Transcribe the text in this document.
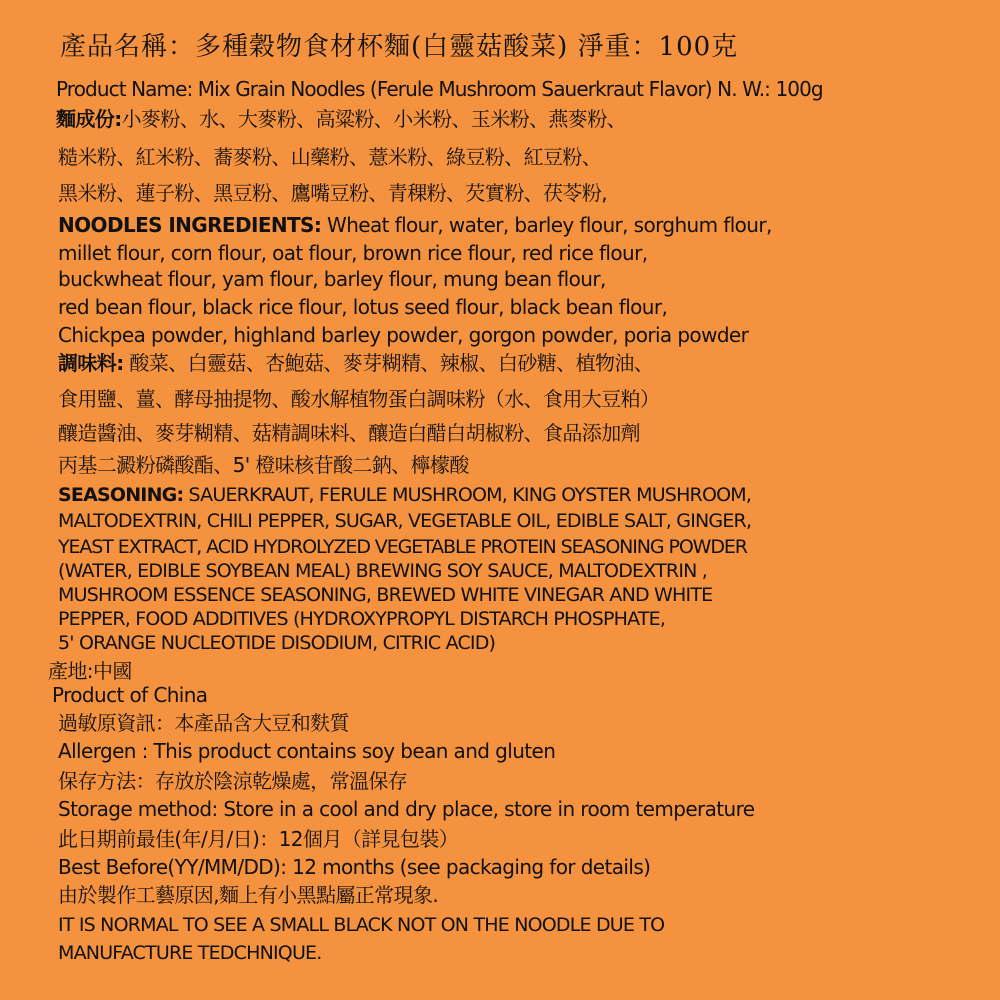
產品名稱：多種穀物食材杯麵(白靈菇酸菜) 淨重：100克
Product Name: Mix Grain Noodles (Ferule Mushroom Sauerkraut Flavor) N. W.: 100g
麵成份:小麥粉、水、大麥粉、高粱粉、小米粉、玉米粉、燕麥粉、
糙米粉、紅米粉、蕎麥粉、山藥粉、薏米粉、綠豆粉、紅豆粉、
黑米粉、蓮子粉、黑豆粉、鷹嘴豆粉、青稞粉、芡實粉、茯苓粉,
NOODLES INGREDIENTS: Wheat flour, water, barley flour, sorghum flour,
millet flour, corn flour, oat flour, brown rice flour, red rice flour,
buckwheat flour, yam flour, barley flour, mung bean flour,
red bean flour, black rice flour, lotus seed flour, black bean flour,
Chickpea powder, highland barley powder, gorgon powder, poria powder
調味料: 酸菜、白靈菇、杏鮑菇、麥芽糊精、辣椒、白砂糖、植物油、
食用鹽、薑、酵母抽提物、酸水解植物蛋白調味粉（水、食用大豆粕）
釀造醬油、麥芽糊精、菇精調味料、釀造白醋白胡椒粉、食品添加劑
丙基二澱粉磷酸酯、5' 橙味核苷酸二鈉、檸檬酸
SEASONING: SAUERKRAUT, FERULE MUSHROOM, KING OYSTER MUSHROOM,
MALTODEXTRIN, CHILI PEPPER, SUGAR, VEGETABLE OIL, EDIBLE SALT, GINGER,
YEAST EXTRACT, ACID HYDROLYZED VEGETABLE PROTEIN SEASONING POWDER
(WATER, EDIBLE SOYBEAN MEAL) BREWING SOY SAUCE, MALTODEXTRIN ,
MUSHROOM ESSENCE SEASONING, BREWED WHITE VINEGAR AND WHITE
PEPPER, FOOD ADDITIVES (HYDROXYPROPYL DISTARCH PHOSPHATE,
5' ORANGE NUCLEOTIDE DISODIUM, CITRIC ACID)
產地:中國
Product of China
過敏原資訊：本產品含大豆和麩質
Allergen : This product contains soy bean and gluten
保存方法：存放於陰涼乾燥處，常溫保存
Storage method: Store in a cool and dry place, store in room temperature
此日期前最佳(年/月/日)：12個月（詳見包裝）
Best Before(YY/MM/DD): 12 months (see packaging for details)
由於製作工藝原因,麵上有小黑點屬正常現象.
IT IS NORMAL TO SEE A SMALL BLACK NOT ON THE NOODLE DUE TO
MANUFACTURE TEDCHNIQUE.
